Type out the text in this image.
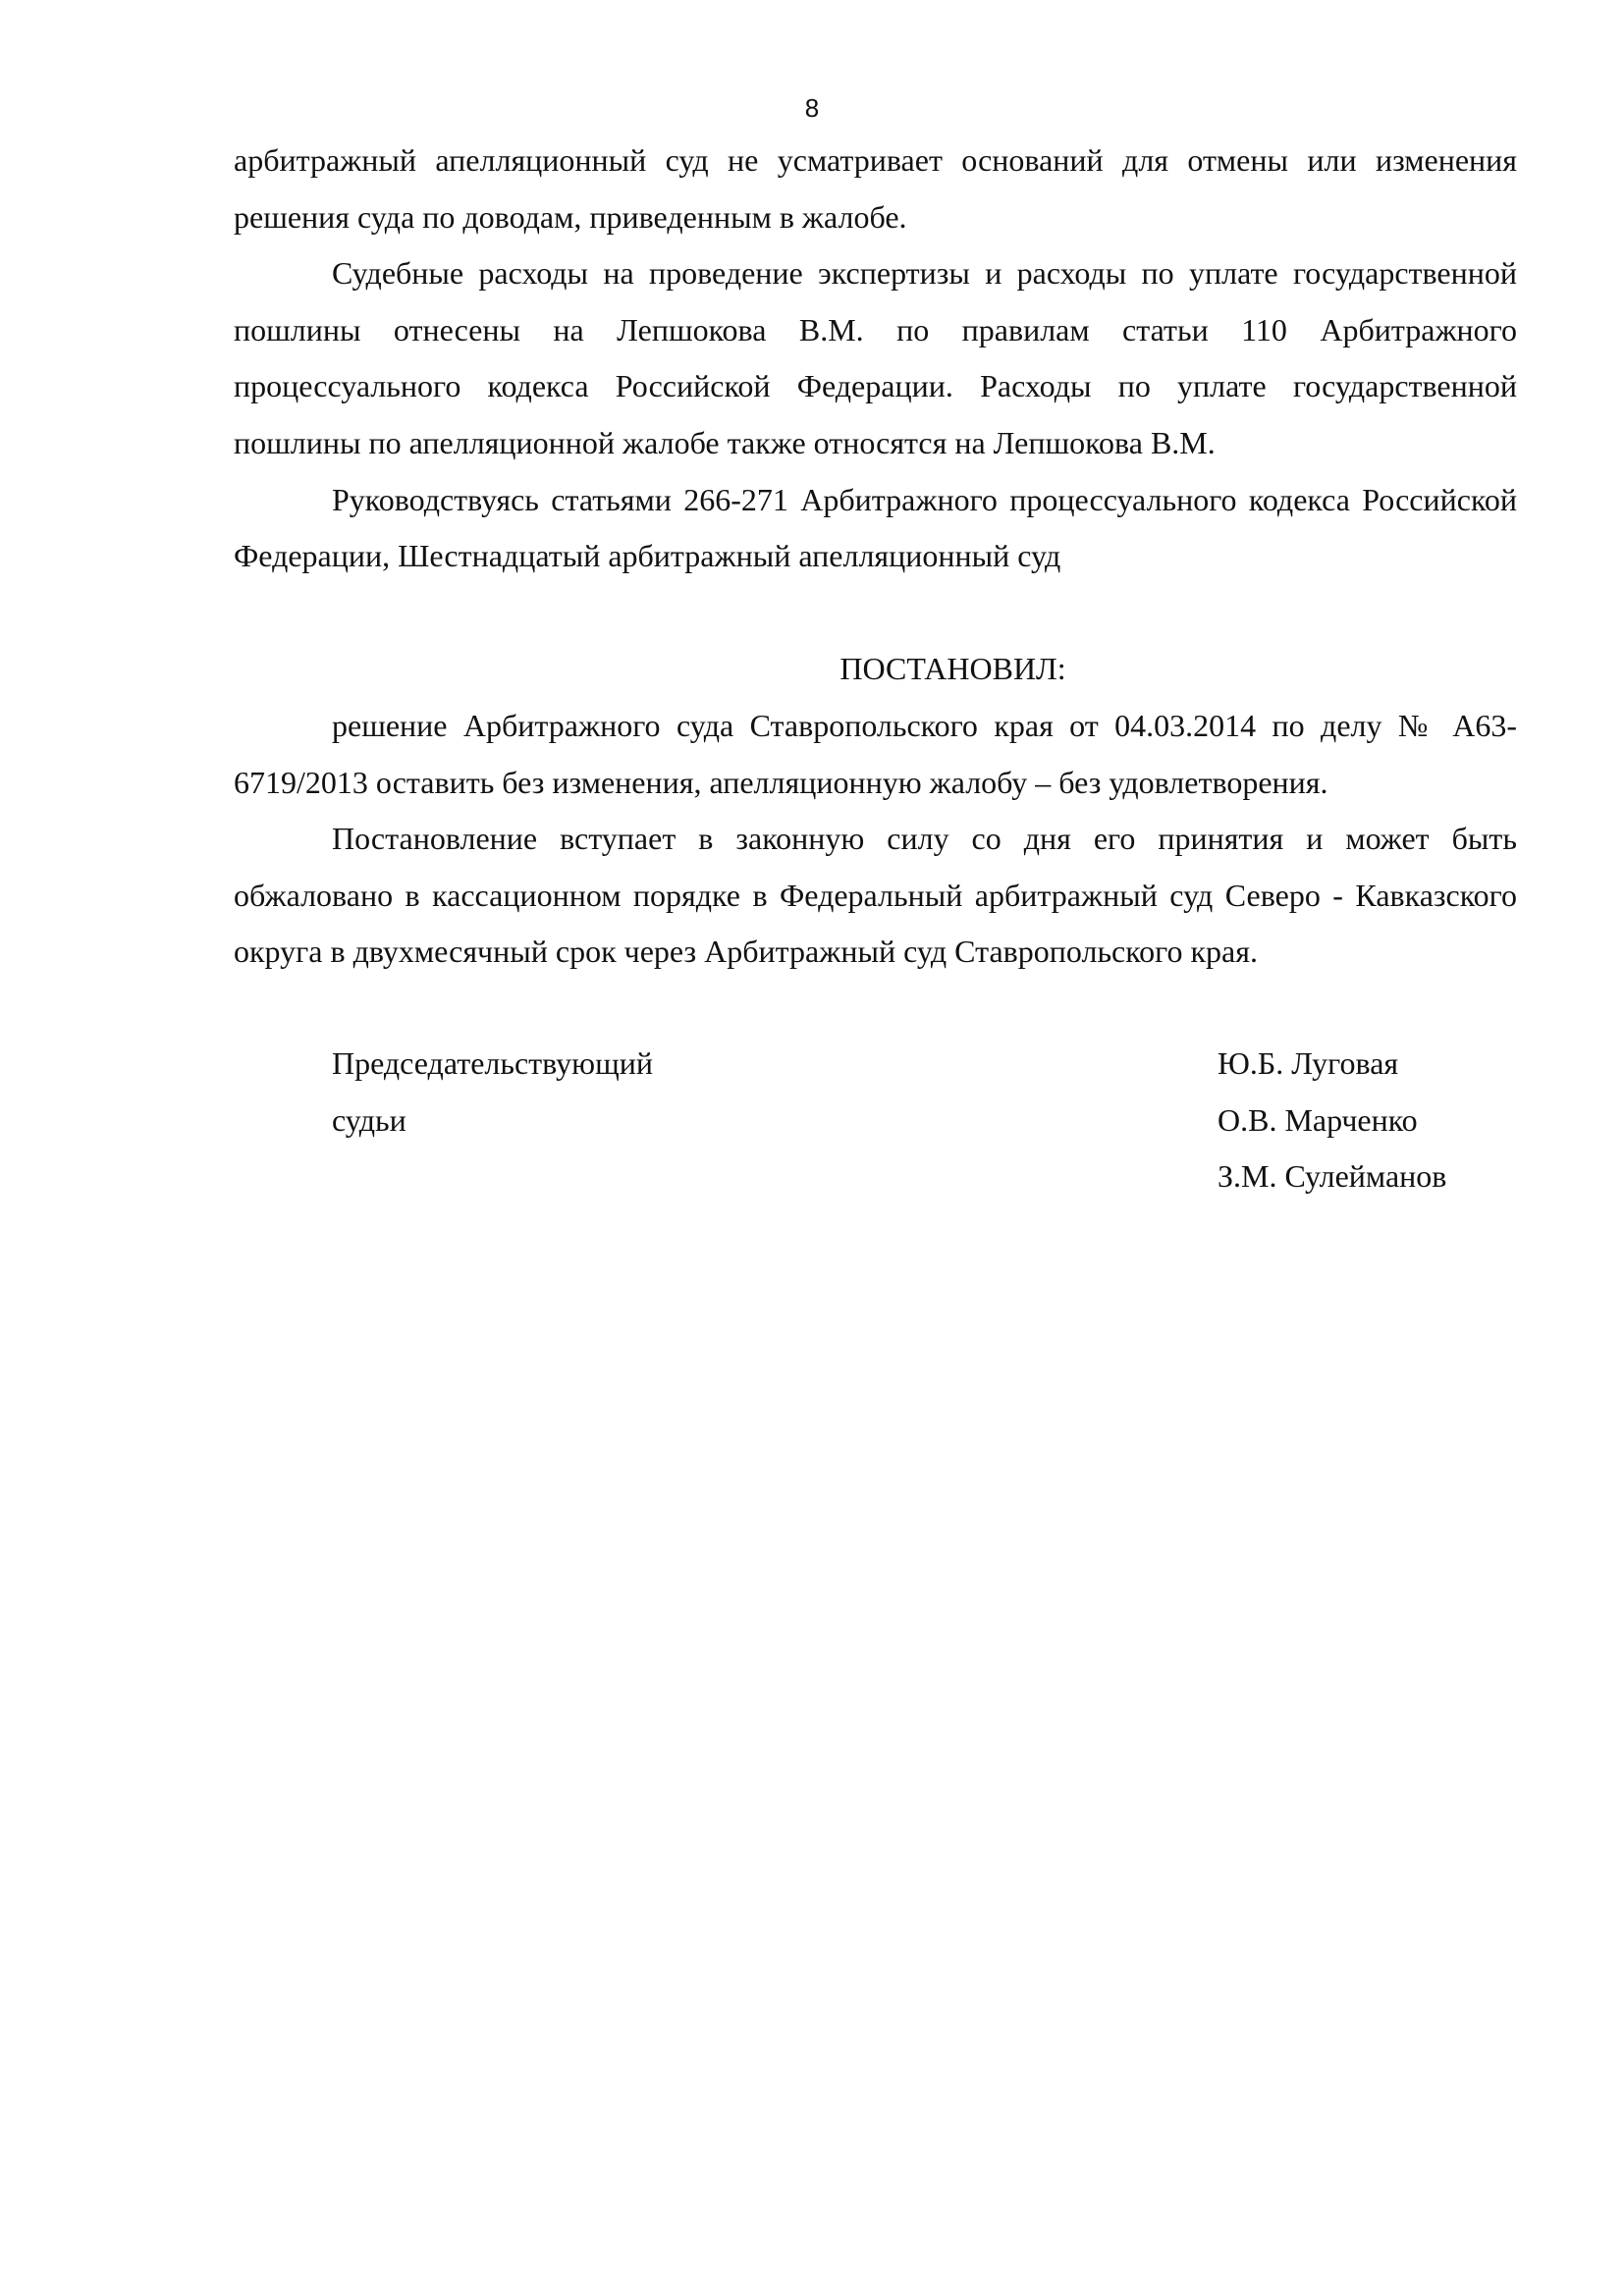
8

арбитражный апелляционный суд не усматривает оснований для отмены или изменения решения суда по доводам, приведенным в жалобе.

Судебные расходы на проведение экспертизы и расходы по уплате государственной пошлины отнесены на Лепшокова В.М. по правилам статьи 110 Арбитражного процессуального кодекса Российской Федерации. Расходы по уплате государственной пошлины по апелляционной жалобе также относятся на Лепшокова В.М.

Руководствуясь статьями 266-271 Арбитражного процессуального кодекса Российской Федерации, Шестнадцатый арбитражный апелляционный суд

ПОСТАНОВИЛ:

решение Арбитражного суда Ставропольского края от 04.03.2014 по делу № А63-6719/2013 оставить без изменения, апелляционную жалобу – без удовлетворения.

Постановление вступает в законную силу со дня его принятия и может быть обжаловано в кассационном порядке в Федеральный арбитражный суд Северо - Кавказского округа в двухмесячный срок через Арбитражный суд Ставропольского края.

Председательствующий
судьи
Ю.Б. Луговая
О.В. Марченко
З.М. Сулейманов
